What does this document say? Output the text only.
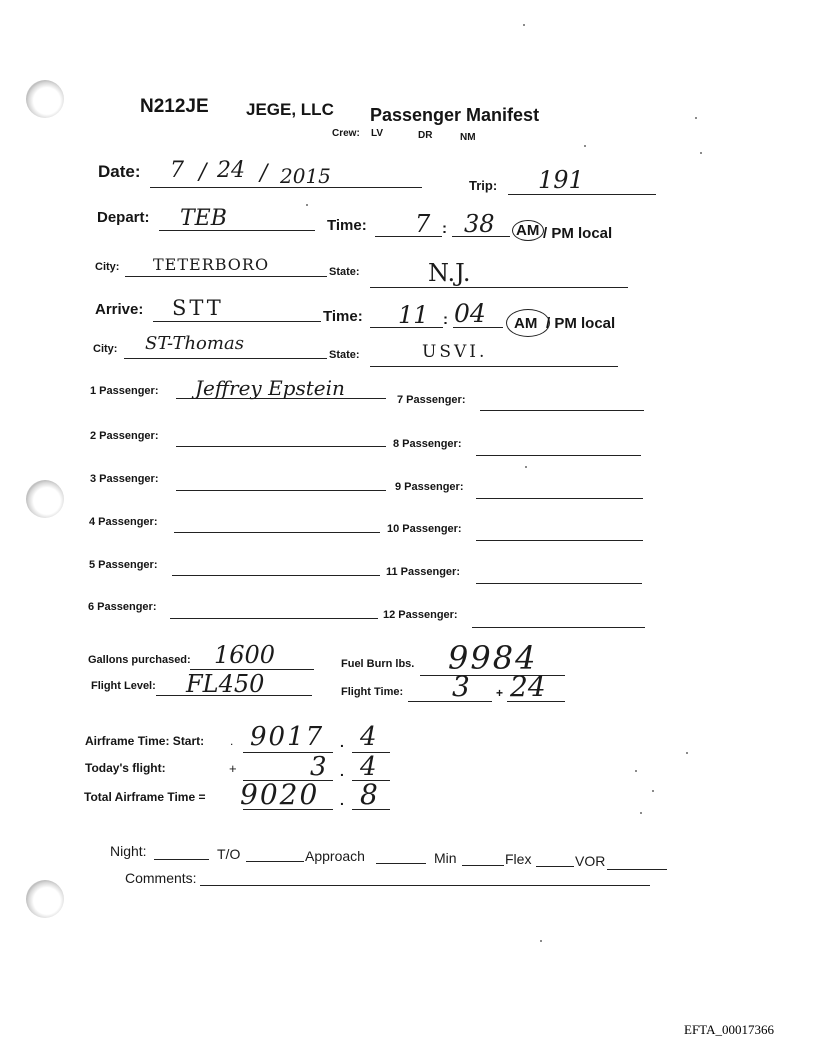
N212JE JEGE, LLC Passenger Manifest
Crew: LV	DR	NM
Date: 7 / 24 / 2015	Trip: 191
Depart: TEB	Time: 7 : 38 AM / PM local
City: TETERBORO	State:	N.J.
Arrive: STT	Time: 11 : 04 AM / PM local
City: ST-Thomas
State:	USVI.
1 Passenger: Jeffrey Epstein
2 Passenger:
3 Passenger:
4 Passenger:
5 Passenger:
6 Passenger:
7 Passenger:
8 Passenger:
9 Passenger:
10 Passenger:
11 Passenger:
12 Passenger:
Gallons purchased: 1600	Fuel Burn lbs. 9984
Flight Level: FL450	Flight Time: 3 + 24
Airframe Time: Start: . 9017 . 4
Today's flight:	+	3 . 4
Total Airframe Time = 9020 . 8
Night:	T/O	Approach	Min	Flex	VOR
Comments:
EFTA_00017366
